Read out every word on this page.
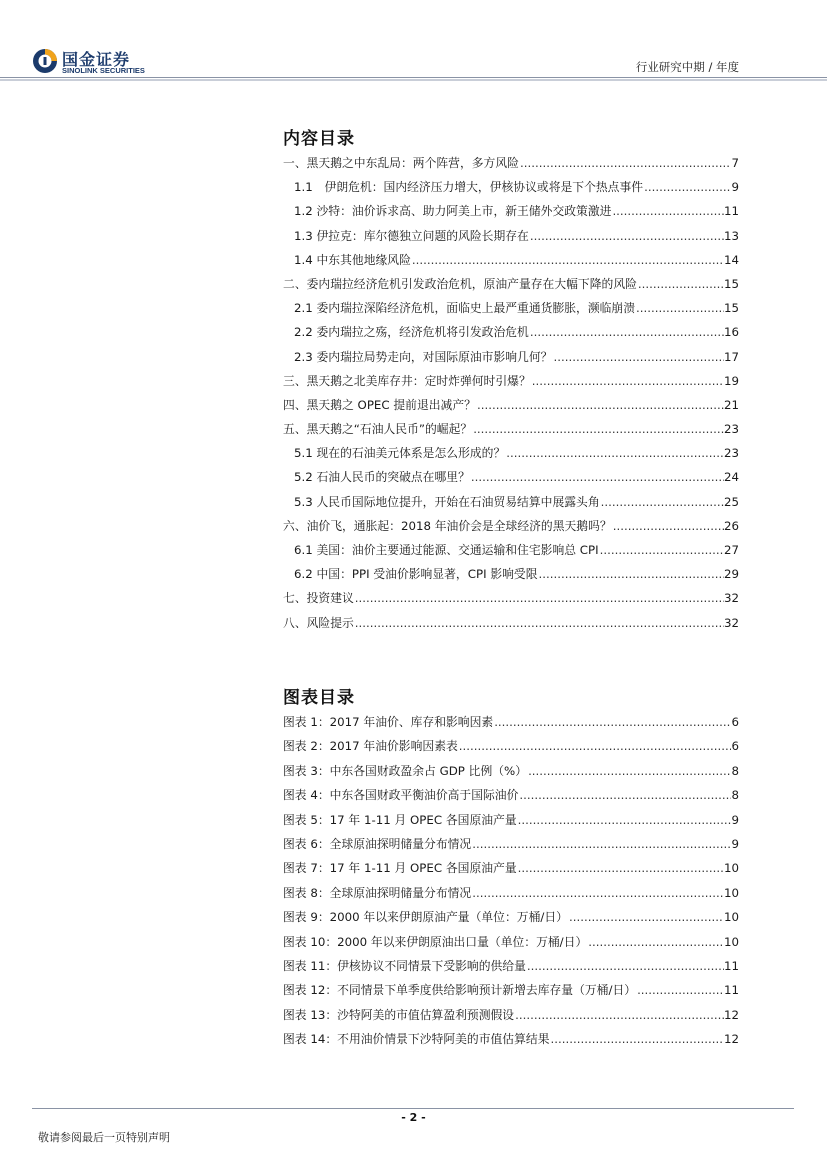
国金证券
SINOLINK SECURITIES	行业研究中期 / 年度
内容目录
一、黑天鹅之中东乱局：两个阵营，多方风险 .....	7
1.1　伊朗危机：国内经济压力增大，伊核协议或将是下个热点事件 .....	9
1.2 沙特：油价诉求高、助力阿美上市，新王储外交政策激进 .....	11
1.3 伊拉克：库尔德独立问题的风险长期存在 .....	13
1.4 中东其他地缘风险 .....	14
二、委内瑞拉经济危机引发政治危机，原油产量存在大幅下降的风险 .....	15
2.1 委内瑞拉深陷经济危机，面临史上最严重通货膨胀，濒临崩溃 .....	15
2.2 委内瑞拉之殇，经济危机将引发政治危机 .....	16
2.3 委内瑞拉局势走向，对国际原油市影响几何？ .....	17
三、黑天鹅之北美库存井：定时炸弹何时引爆？ .....	19
四、黑天鹅之 OPEC 提前退出减产？ .....	21
五、黑天鹅之“石油人民币”的崛起？ .....	23
5.1 现在的石油美元体系是怎么形成的？ .....	23
5.2 石油人民币的突破点在哪里？ .....	24
5.3 人民币国际地位提升，开始在石油贸易结算中展露头角 .....	25
六、油价飞，通胀起：2018 年油价会是全球经济的黑天鹅吗？ .....	26
6.1 美国：油价主要通过能源、交通运输和住宅影响总 CPI .....	27
6.2 中国：PPI 受油价影响显著，CPI 影响受限 .....	29
七、投资建议 .....	32
八、风险提示 .....	32
图表目录
图表 1：2017 年油价、库存和影响因素 .....	6
图表 2：2017 年油价影响因素表 .....	6
图表 3：中东各国财政盈余占 GDP 比例（%） .....	8
图表 4：中东各国财政平衡油价高于国际油价 .....	8
图表 5：17 年 1-11 月 OPEC 各国原油产量 .....	9
图表 6：全球原油探明储量分布情况 .....	9
图表 7：17 年 1-11 月 OPEC 各国原油产量 .....	10
图表 8：全球原油探明储量分布情况 .....	10
图表 9：2000 年以来伊朗原油产量（单位：万桶/日） .....	10
图表 10：2000 年以来伊朗原油出口量（单位：万桶/日） .....	10
图表 11：伊核协议不同情景下受影响的供给量 .....	11
图表 12：不同情景下单季度供给影响预计新增去库存量（万桶/日） .....	11
图表 13：沙特阿美的市值估算盈利预测假设 .....	12
图表 14：不用油价情景下沙特阿美的市值估算结果 .....	12
- 2 -
敬请参阅最后一页特别声明
